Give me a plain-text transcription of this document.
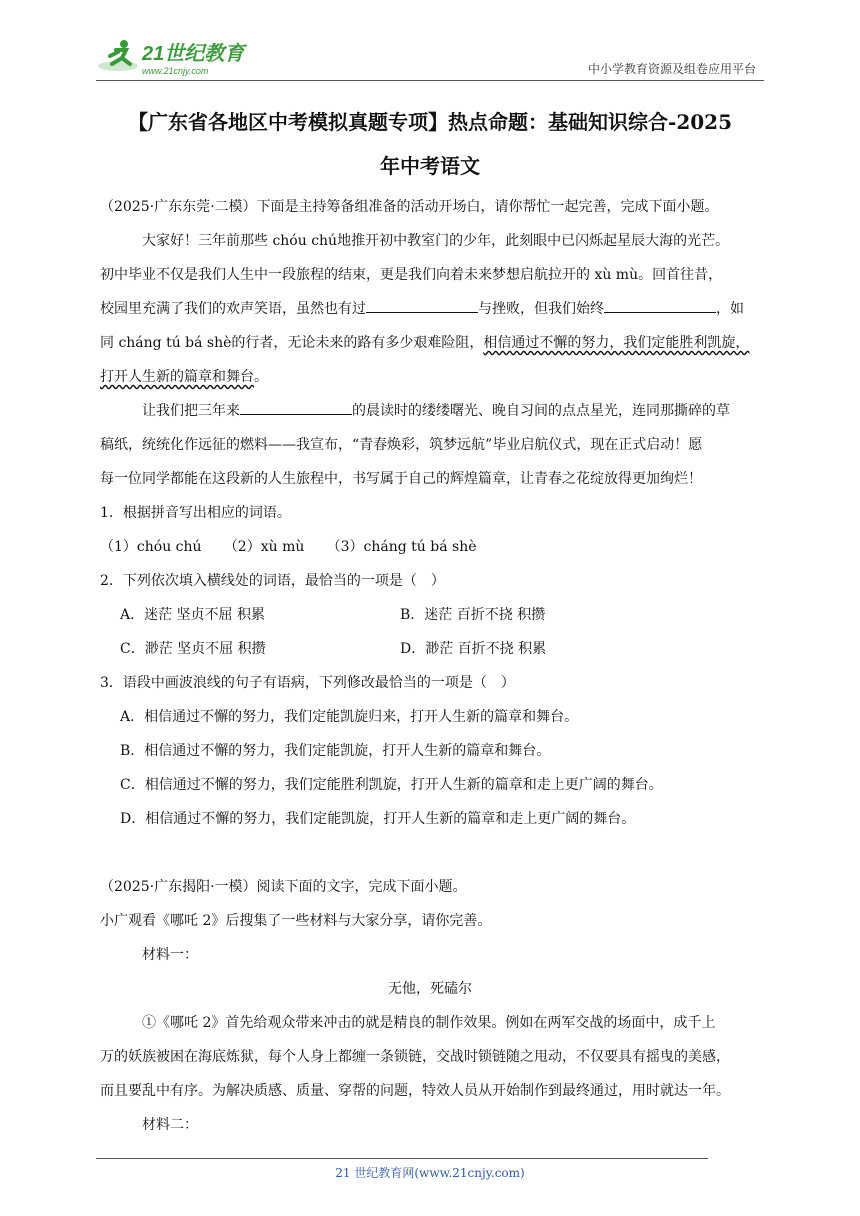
21世纪教育
www.21cnjy.com	中小学教育资源及组卷应用平台
【广东省各地区中考模拟真题专项】热点命题：基础知识综合-2025
年中考语文
（2025·广东东莞·二模）下面是主持筹备组准备的活动开场白，请你帮忙一起完善，完成下面小题。
大家好！三年前那些 chóu chú地推开初中教室门的少年，此刻眼中已闪烁起星辰大海的光芒。
初中毕业不仅是我们人生中一段旅程的结束，更是我们向着未来梦想启航拉开的 xù mù。回首往昔，
校园里充满了我们的欢声笑语，虽然也有过	与挫败，但我们始终	，如
同 cháng tú bá shè的行者，无论未来的路有多少艰难险阻，相信通过不懈的努力，我们定能胜利凯旋，
打开人生新的篇章和舞台。
让我们把三年来	的晨读时的缕缕曙光、晚自习间的点点星光，连同那撕碎的草
稿纸，统统化作远征的燃料——我宣布，“青春焕彩，筑梦远航”毕业启航仪式，现在正式启动！愿
每一位同学都能在这段新的人生旅程中，书写属于自己的辉煌篇章，让青春之花绽放得更加绚烂！
1．根据拼音写出相应的词语。
（1）chóu chú （2）xù mù （3）cháng tú bá shè
2．下列依次填入横线处的词语，最恰当的一项是（　）
A．迷茫 坚贞不屈 积累	B．迷茫 百折不挠 积攒
C．渺茫 坚贞不屈 积攒	D．渺茫 百折不挠 积累
3．语段中画波浪线的句子有语病，下列修改最恰当的一项是（　）
A．相信通过不懈的努力，我们定能凯旋归来，打开人生新的篇章和舞台。
B．相信通过不懈的努力，我们定能凯旋，打开人生新的篇章和舞台。
C．相信通过不懈的努力，我们定能胜利凯旋，打开人生新的篇章和走上更广阔的舞台。
D．相信通过不懈的努力，我们定能凯旋，打开人生新的篇章和走上更广阔的舞台。
（2025·广东揭阳·一模）阅读下面的文字，完成下面小题。
小广观看《哪吒 2》后搜集了一些材料与大家分享，请你完善。
材料一：
无他，死磕尔
①《哪吒 2》首先给观众带来冲击的就是精良的制作效果。例如在两军交战的场面中，成千上
万的妖族被困在海底炼狱，每个人身上都缠一条锁链，交战时锁链随之甩动，不仅要具有摇曳的美感，
而且要乱中有序。为解决质感、质量、穿帮的问题，特效人员从开始制作到最终通过，用时就达一年。
材料二：
21 世纪教育网(www.21cnjy.com)
